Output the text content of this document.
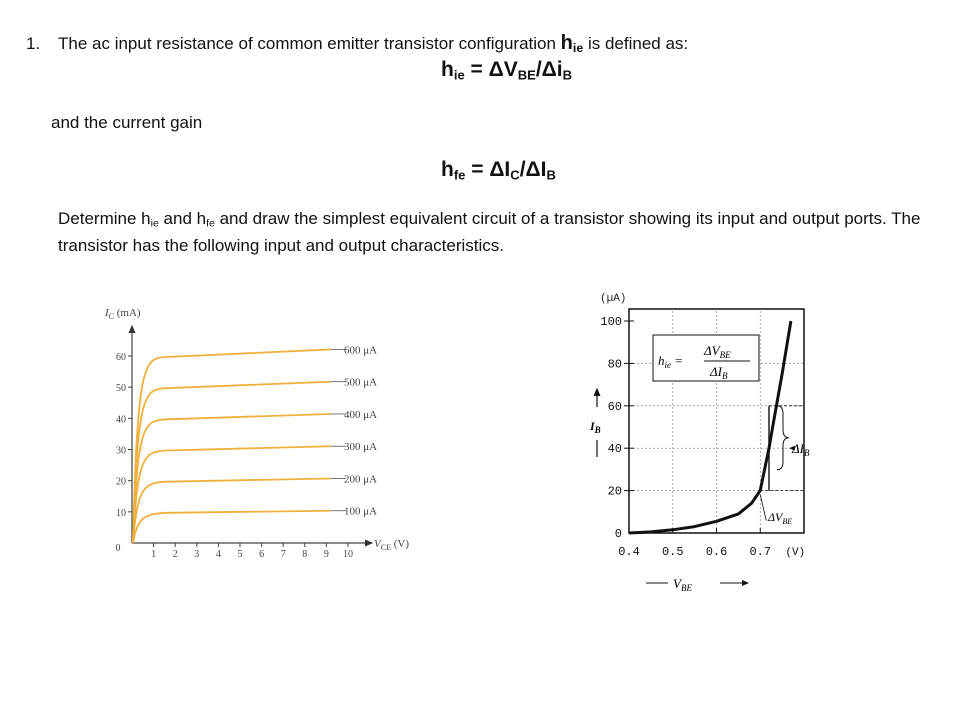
1. The ac input resistance of common emitter transistor configuration $h_{ie}$ is defined as:
$h_{ie} = \Delta V_{BE}/\Delta i_B$
and the current gain
$h_{fe} = \Delta I_C/\Delta I_B$
Determine $h_{ie}$ and $h_{fe}$ and draw the simplest equivalent circuit of a transistor showing its input and output ports. The transistor has the following input and output characteristics.
$I_C$ (mA)
0
1 2 3 4 5 6 7 8 9 10
10
20
30
40
50
60
100 μA
200 μA
300 μA
400 μA
500 μA
600 μA
$V_{CE}$ (V)
(µA)
0
20
40
60
80
100
0.4 0.5 0.6 0.7 (V)
$I_B$
$h_{ie}$ =
$\Delta V_{BE}$
$\Delta I_B$
$\Delta I_B$
$\Delta V_{BE}$
$V_{BE}$
